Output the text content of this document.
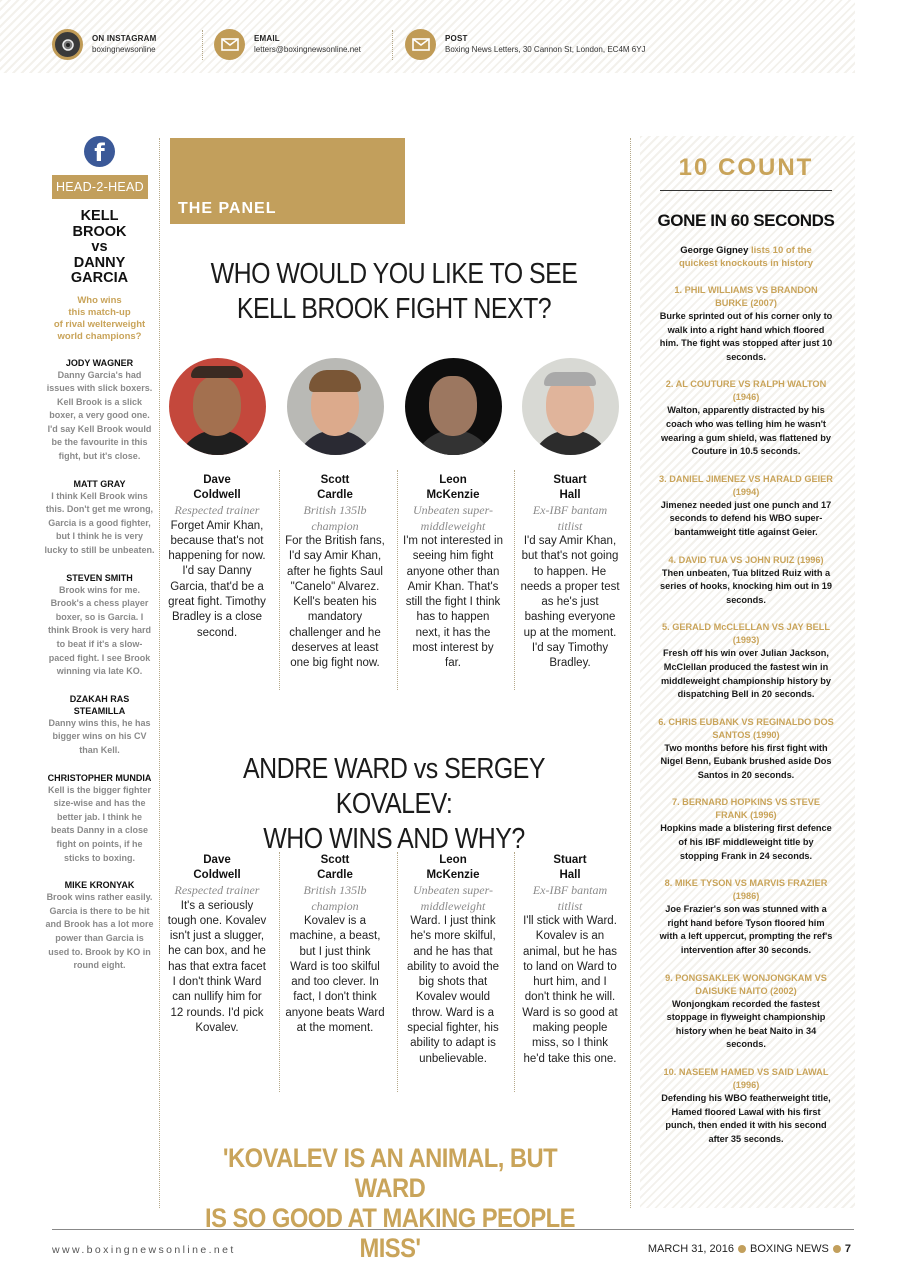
ON INSTAGRAM
boxingnewsonline
EMAIL
letters@boxingnewsonline.net
POST
Boxing News Letters, 30 Cannon St, London, EC4M 6YJ
f
HEAD-2-HEAD
KELL
BROOK
vs
DANNY
GARCIA
Who wins
this match-up
of rival welterweight
world champions?
JODY WAGNER
Danny Garcia's had issues with slick boxers. Kell Brook is a slick boxer, a very good one. I'd say Kell Brook would be the favourite in this fight, but it's close.
MATT GRAY
I think Kell Brook wins this. Don't get me wrong, Garcia is a good fighter, but I think he is very lucky to still be unbeaten.
STEVEN SMITH
Brook wins for me. Brook's a chess player boxer, so is Garcia. I think Brook is very hard to beat if it's a slow-paced fight. I see Brook winning via late KO.
DZAKAH RAS STEAMILLA
Danny wins this, he has bigger wins on his CV than Kell.
CHRISTOPHER MUNDIA
Kell is the bigger fighter size-wise and has the better jab. I think he beats Danny in a close fight on points, if he sticks to boxing.
MIKE KRONYAK
Brook wins rather easily. Garcia is there to be hit and Brook has a lot more power than Garcia is used to. Brook by KO in round eight.
THE PANEL
WHO WOULD YOU LIKE TO SEE
KELL BROOK FIGHT NEXT?
Dave
Coldwell
Respected trainer
Forget Amir Khan, because that's not happening for now. I'd say Danny Garcia, that'd be a great fight. Timothy Bradley is a close second.
Scott
Cardle
British 135lb champion
For the British fans, I'd say Amir Khan, after he fights Saul "Canelo" Alvarez. Kell's beaten his mandatory challenger and he deserves at least one big fight now.
Leon
McKenzie
Unbeaten super-middleweight
I'm not interested in seeing him fight anyone other than Amir Khan. That's still the fight I think has to happen next, it has the most interest by far.
Stuart
Hall
Ex-IBF bantam titlist
I'd say Amir Khan, but that's not going to happen. He needs a proper test as he's just bashing everyone up at the moment. I'd say Timothy Bradley.
ANDRE WARD vs SERGEY KOVALEV:
WHO WINS AND WHY?
Dave
Coldwell
Respected trainer
It's a seriously tough one. Kovalev isn't just a slugger, he can box, and he has that extra facet I don't think Ward can nullify him for 12 rounds. I'd pick Kovalev.
Scott
Cardle
British 135lb champion
Kovalev is a machine, a beast, but I just think Ward is too skilful and too clever. In fact, I don't think anyone beats Ward at the moment.
Leon
McKenzie
Unbeaten super-middleweight
Ward. I just think he's more skilful, and he has that ability to avoid the big shots that Kovalev would throw. Ward is a special fighter, his ability to adapt is unbelievable.
Stuart
Hall
Ex-IBF bantam titlist
I'll stick with Ward. Kovalev is an animal, but he has to land on Ward to hurt him, and I don't think he will. Ward is so good at making people miss, so I think he'd take this one.
'KOVALEV IS AN ANIMAL, BUT WARD
IS SO GOOD AT MAKING PEOPLE MISS'
10 COUNT
GONE IN 60 SECONDS
George Gigney lists 10 of the quickest knockouts in history
1. PHIL WILLIAMS VS BRANDON BURKE (2007)
Burke sprinted out of his corner only to walk into a right hand which floored him. The fight was stopped after just 10 seconds.
2. AL COUTURE VS RALPH WALTON (1946)
Walton, apparently distracted by his coach who was telling him he wasn't wearing a gum shield, was flattened by Couture in 10.5 seconds.
3. DANIEL JIMENEZ VS HARALD GEIER (1994)
Jimenez needed just one punch and 17 seconds to defend his WBO super-bantamweight title against Geier.
4. DAVID TUA VS JOHN RUIZ (1996)
Then unbeaten, Tua blitzed Ruiz with a series of hooks, knocking him out in 19 seconds.
5. GERALD McCLELLAN VS JAY BELL (1993)
Fresh off his win over Julian Jackson, McClellan produced the fastest win in middleweight championship history by dispatching Bell in 20 seconds.
6. CHRIS EUBANK VS REGINALDO DOS SANTOS (1990)
Two months before his first fight with Nigel Benn, Eubank brushed aside Dos Santos in 20 seconds.
7. BERNARD HOPKINS VS STEVE FRANK (1996)
Hopkins made a blistering first defence of his IBF middleweight title by stopping Frank in 24 seconds.
8. MIKE TYSON VS MARVIS FRAZIER (1986)
Joe Frazier's son was stunned with a right hand before Tyson floored him with a left uppercut, prompting the ref's intervention after 30 seconds.
9. PONGSAKLEK WONJONGKAM VS DAISUKE NAITO (2002)
Wonjongkam recorded the fastest stoppage in flyweight championship history when he beat Naito in 34 seconds.
10. NASEEM HAMED VS SAID LAWAL (1996)
Defending his WBO featherweight title, Hamed floored Lawal with his first punch, then ended it with his second after 35 seconds.
www.boxingnewsonline.net	MARCH 31, 2016 BOXING NEWS 7
